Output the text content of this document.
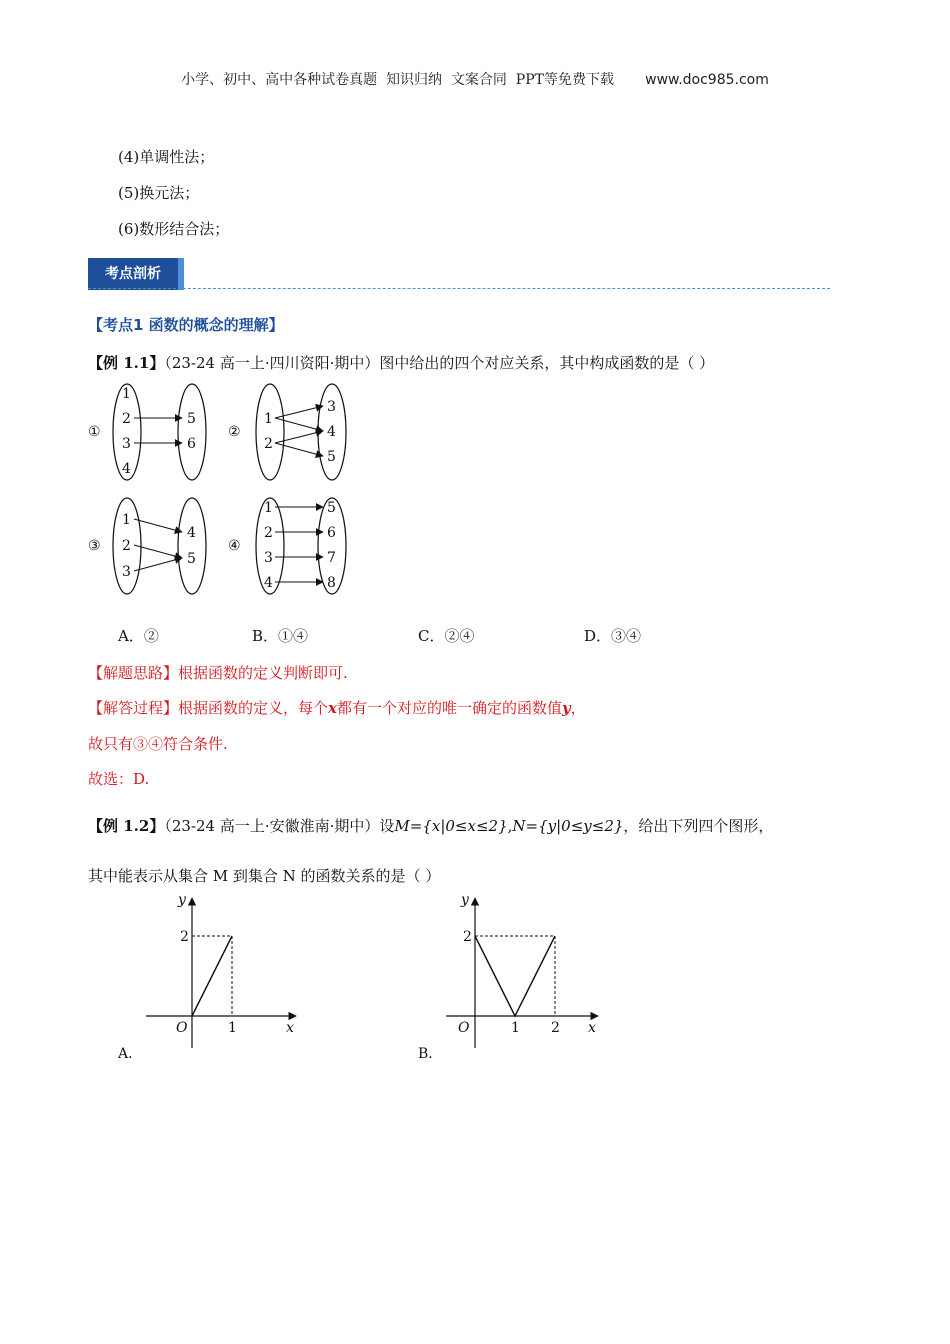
小学、初中、高中各种试卷真题  知识归纳  文案合同  PPT等免费下载 www.doc985.com
(4)单调性法；
(5)换元法；
(6)数形结合法；
考点剖析
【考点1 函数的概念的理解】
【例 1.1】（23-24 高一上·四川资阳·期中）图中给出的四个对应关系，其中构成函数的是（ ）
①
1
2
3
4
5
6
②
1
2
3
4
5
③
1
2
3
4
5
④
1
2
3
4
5
6
7
8
A．②	B．①④	C．②④	D．③④
【解题思路】根据函数的定义判断即可.
【解答过程】根据函数的定义，每个x都有一个对应的唯一确定的函数值y，
故只有③④符合条件.
故选：D.
【例 1.2】（23-24 高一上·安徽淮南·期中）设M={x|0≤x≤2},N={y|0≤y≤2}，给出下列四个图形，
其中能表示从集合 M 到集合 N 的函数关系的是（ ）
y
x
O
2
1
A．
y
x
O
2
1 2
B．
